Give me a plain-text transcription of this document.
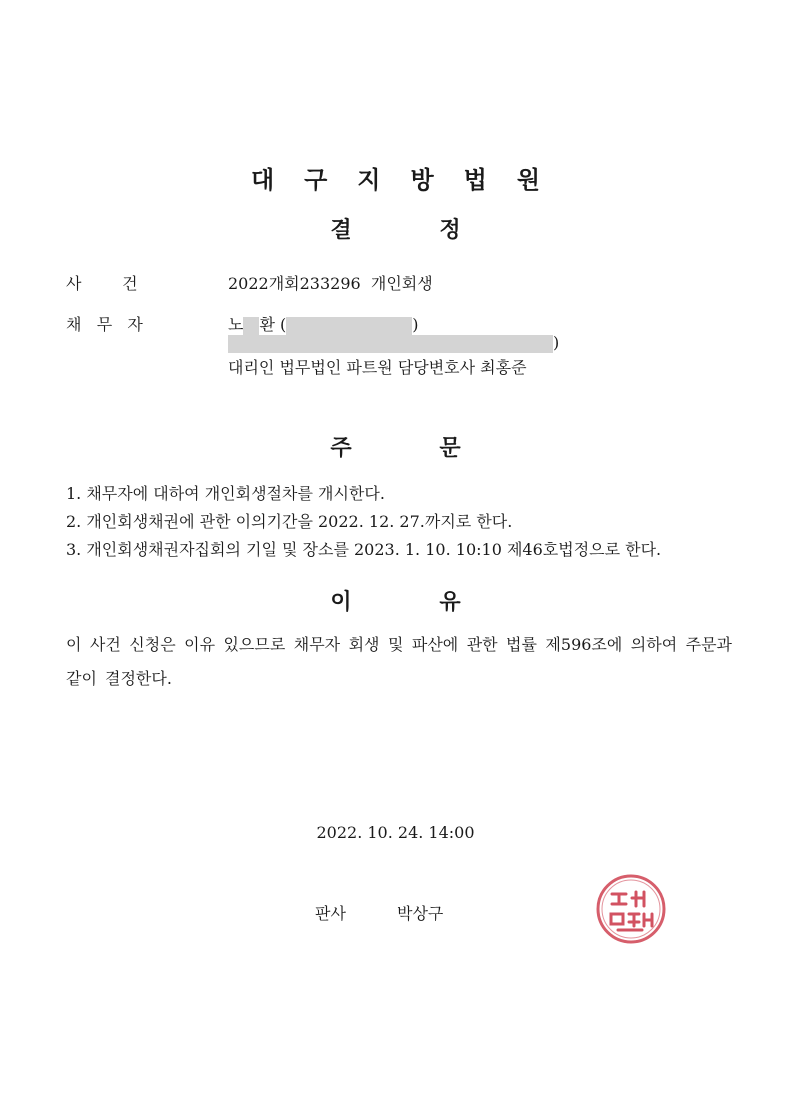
대구지방법원
결 정
사        건	2022개회233296  개인회생
채   무   자	노 환 (	)
)
대리인 법무법인 파트원 담당변호사 최홍준
주 문
1. 채무자에 대하여 개인회생절차를 개시한다.
2. 개인회생채권에 관한 이의기간을 2022. 12. 27.까지로 한다.
3. 개인회생채권자집회의 기일 및 장소를 2023. 1. 10. 10:10 제46호법정으로 한다.
이 유
이 사건 신청은 이유 있으므로 채무자 회생 및 파산에 관한 법률 제596조에 의하여 주문과 같이 결정한다.
2022. 10. 24. 14:00
판사	박상구
